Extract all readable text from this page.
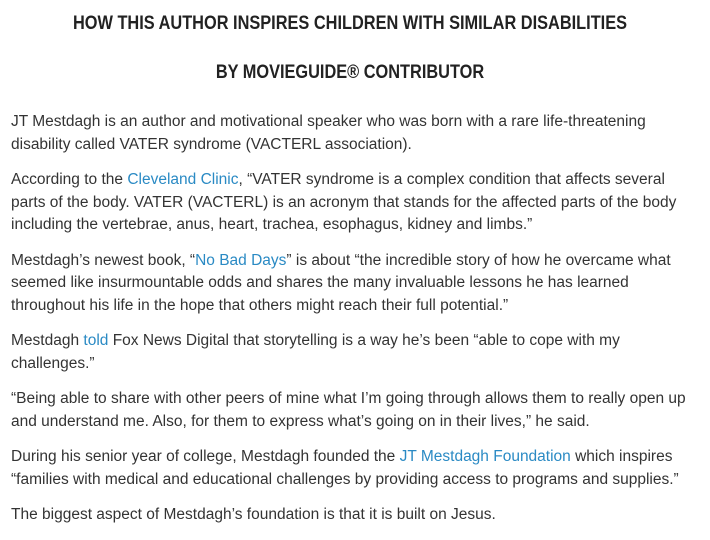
HOW THIS AUTHOR INSPIRES CHILDREN WITH SIMILAR DISABILITIES
BY MOVIEGUIDE® CONTRIBUTOR

JT Mestdagh is an author and motivational speaker who was born with a rare life-threatening disability called VATER syndrome (VACTERL association).

According to the Cleveland Clinic, “VATER syndrome is a complex condition that affects several parts of the body. VATER (VACTERL) is an acronym that stands for the affected parts of the body including the vertebrae, anus, heart, trachea, esophagus, kidney and limbs.”

Mestdagh’s newest book, “No Bad Days” is about “the incredible story of how he overcame what seemed like insurmountable odds and shares the many invaluable lessons he has learned throughout his life in the hope that others might reach their full potential.”

Mestdagh told Fox News Digital that storytelling is a way he’s been “able to cope with my challenges.”

“Being able to share with other peers of mine what I’m going through allows them to really open up and understand me. Also, for them to express what’s going on in their lives,” he said.

During his senior year of college, Mestdagh founded the JT Mestdagh Foundation which inspires “families with medical and educational challenges by providing access to programs and supplies.”

The biggest aspect of Mestdagh’s foundation is that it is built on Jesus.
